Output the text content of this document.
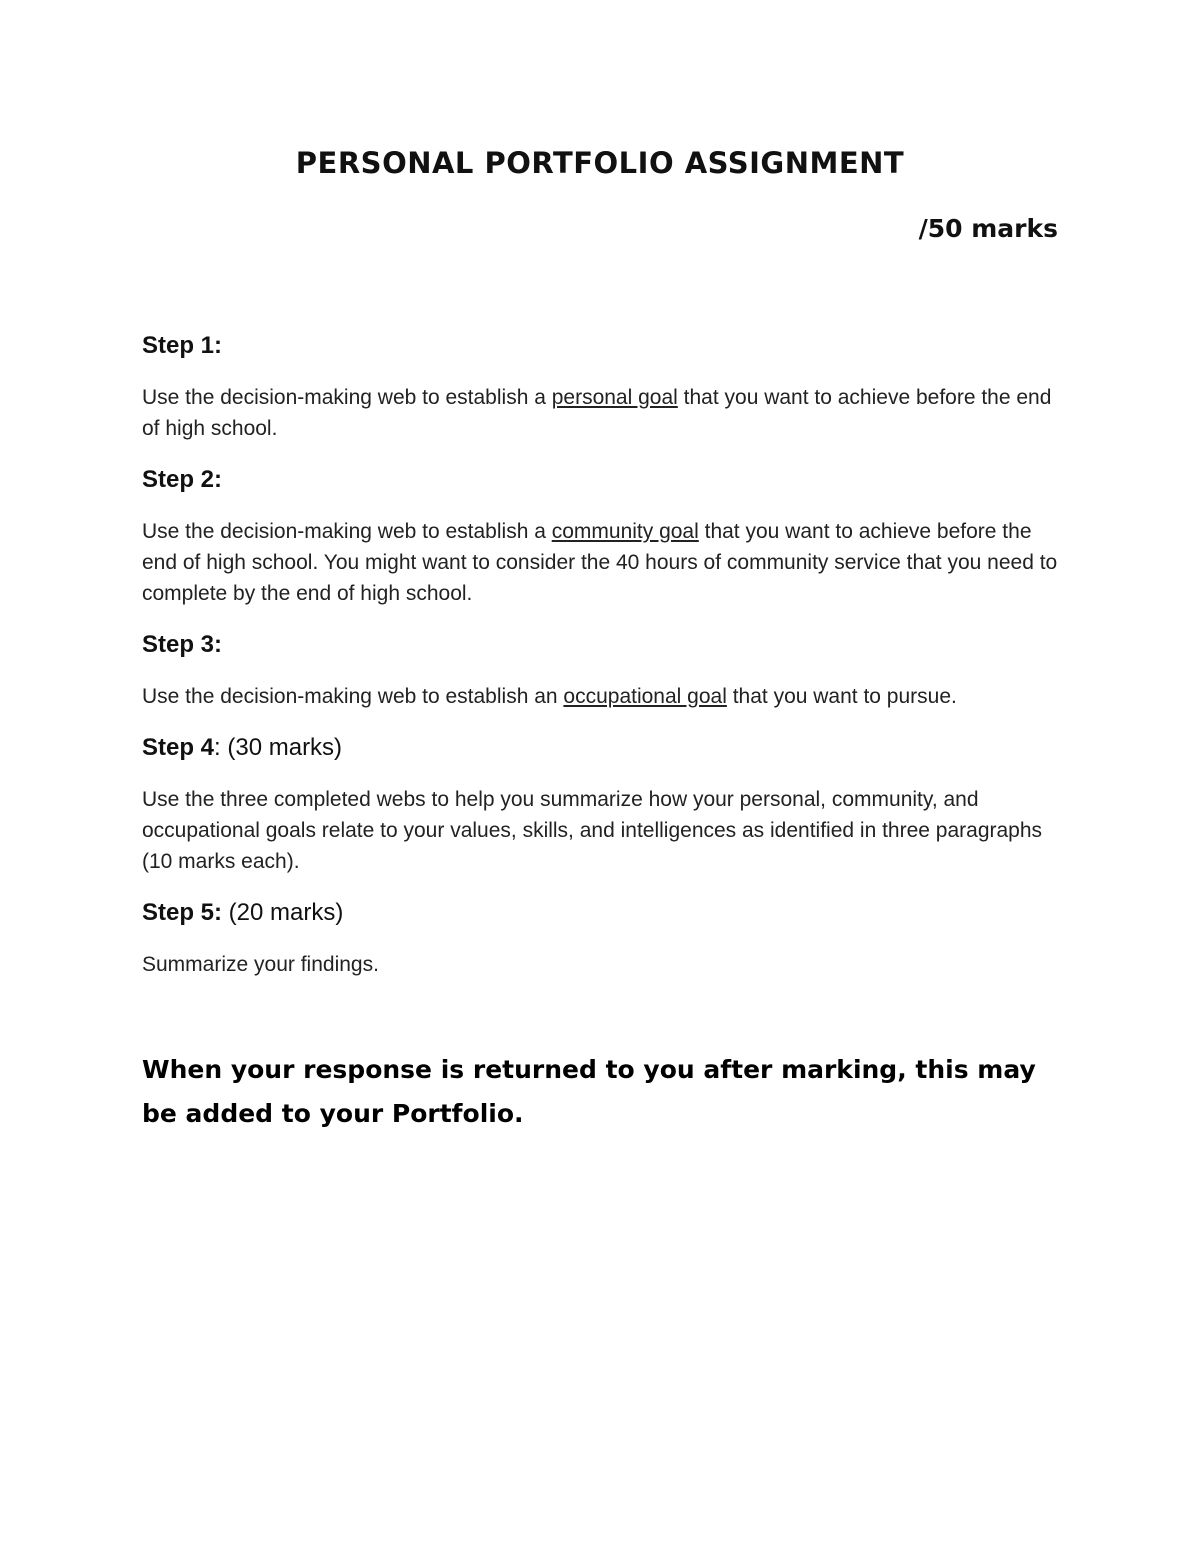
PERSONAL PORTFOLIO ASSIGNMENT

/50 marks

Step 1:

Use the decision-making web to establish a personal goal that you want to achieve before the end of high school.

Step 2:

Use the decision-making web to establish a community goal that you want to achieve before the end of high school. You might want to consider the 40 hours of community service that you need to complete by the end of high school.

Step 3:

Use the decision-making web to establish an occupational goal that you want to pursue.

Step 4: (30 marks)

Use the three completed webs to help you summarize how your personal, community, and occupational goals relate to your values, skills, and intelligences as identified in three paragraphs (10 marks each).

Step 5: (20 marks)

Summarize your findings.

When your response is returned to you after marking, this may be added to your Portfolio.
